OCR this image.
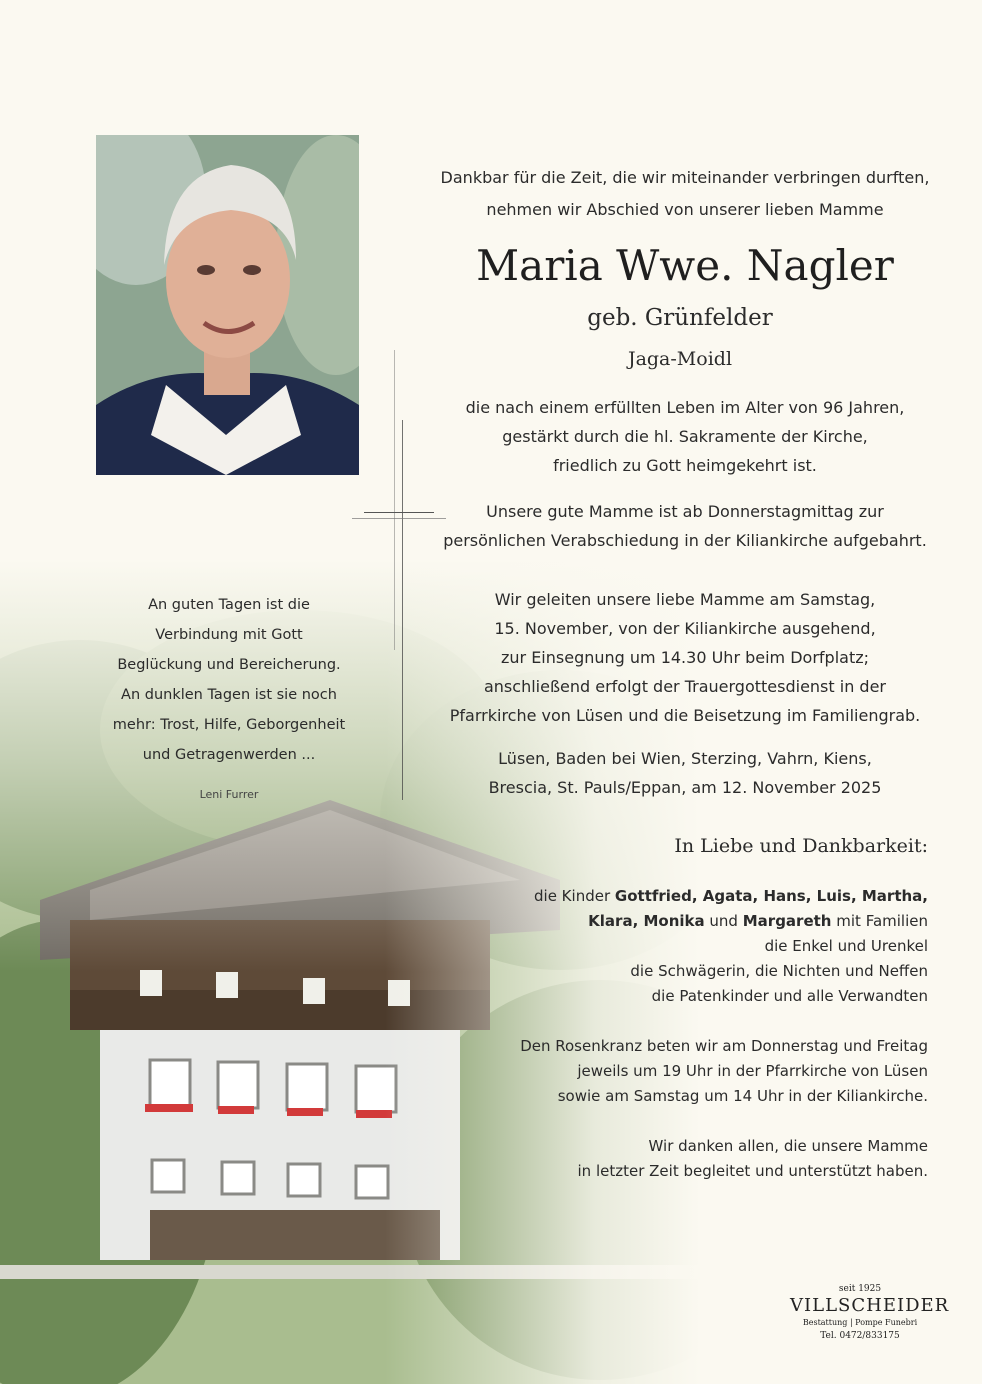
Dankbar für die Zeit, die wir miteinander verbringen durften,
nehmen wir Abschied von unserer lieben Mamme
Maria Wwe. Nagler
geb. Grünfelder
Jaga-Moidl
die nach einem erfüllten Leben im Alter von 96 Jahren,
gestärkt durch die hl. Sakramente der Kirche,
friedlich zu Gott heimgekehrt ist.
Unsere gute Mamme ist ab Donnerstagmittag zur
persönlichen Verabschiedung in der Kiliankirche aufgebahrt.
Wir geleiten unsere liebe Mamme am Samstag,
15. November, von der Kiliankirche ausgehend,
zur Einsegnung um 14.30 Uhr beim Dorfplatz;
anschließend erfolgt der Trauergottesdienst in der
Pfarrkirche von Lüsen und die Beisetzung im Familiengrab.
Lüsen, Baden bei Wien, Sterzing, Vahrn, Kiens,
Brescia, St. Pauls/Eppan, am 12. November 2025
An guten Tagen ist die
Verbindung mit Gott
Beglückung und Bereicherung.
An dunklen Tagen ist sie noch
mehr: Trost, Hilfe, Geborgenheit
und Getragenwerden ...
Leni Furrer
In Liebe und Dankbarkeit:
die Kinder Gottfried, Agata, Hans, Luis, Martha,
Klara, Monika und Margareth mit Familien
die Enkel und Urenkel
die Schwägerin, die Nichten und Neffen
die Patenkinder und alle Verwandten
Den Rosenkranz beten wir am Donnerstag und Freitag
jeweils um 19 Uhr in der Pfarrkirche von Lüsen
sowie am Samstag um 14 Uhr in der Kiliankirche.
Wir danken allen, die unsere Mamme
in letzter Zeit begleitet und unterstützt haben.
seit 1925
VILLSCHEIDER
Bestattung | Pompe Funebri
Tel. 0472/833175
